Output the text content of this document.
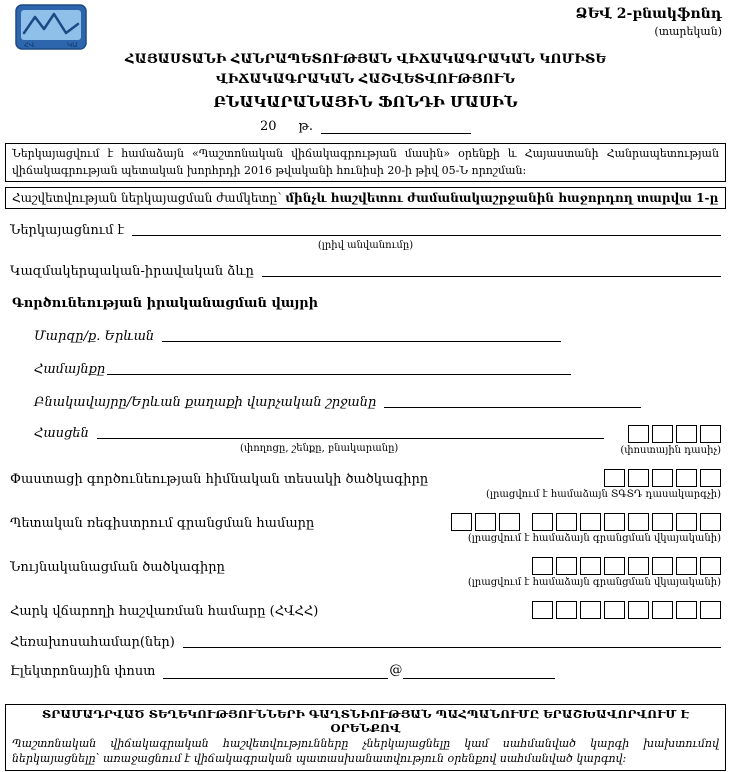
ՀՎ	ԿԱ
ՁԵՎ 2-բնակֆոնդ
(տարեկան)
ՀԱՅԱՍՏԱՆԻ ՀԱՆՐԱՊԵՏՈՒԹՅԱՆ ՎԻՃԱԿԱԳՐԱԿԱՆ ԿՈՄԻՏԵ
ՎԻՃԱԿԱԳՐԱԿԱՆ ՀԱՇՎԵՏՎՈՒԹՅՈՒՆ
ԲՆԱԿԱՐԱՆԱՅԻՆ ՖՈՆԴԻ ՄԱՍԻՆ
20 թ.
Ներկայացվում է համաձայն «Պաշտոնական վիճակագրության մասին» օրենքի և Հայաստանի Հանրապետության վիճակագրության պետական խորհրդի 2016 թվականի հունիսի 20-ի թիվ 05-Ն որոշման:
Հաշվետվության ներկայացման ժամկետը՝ մինչև հաշվետու ժամանակաշրջանին հաջորդող տարվա 1-ը
Ներկայացնում է
(լրիվ անվանումը)
Կազմակերպական-իրավական ձևը
Գործունեության իրականացման վայրի
Մարզը/ք. Երևան
Համայնքը
Բնակավայրը/Երևան քաղաքի վարչական շրջանը
Հասցեն
(փողոցը, շենքը, բնակարանը)	(փոստային դասիչ)
Փաստացի գործունեության հիմնական տեսակի ծածկագիրը
(լրացվում է համաձայն ՏԳՏԴ դասակարգչի)
Պետական ռեգիստրում գրանցման համարը
(լրացվում է համաձայն գրանցման վկայականի)
Նույնականացման ծածկագիրը
(լրացվում է համաձայն գրանցման վկայականի)
Հարկ վճարողի հաշվառման համարը (ՀՎՀՀ)
Հեռախոսահամար(ներ)
Էլեկտրոնային փոստ	@
ՏՐԱՄԱԴՐՎԱԾ ՏԵՂԵԿՈՒԹՅՈՒՆՆԵՐԻ ԳԱՂՏՆԻՈՒԹՅԱՆ ՊԱՀՊԱՆՈՒՄԸ ԵՐԱՇԽԱՎՈՐՎՈՒՄ Է ՕՐԵՆՔՈՎ
Պաշտոնական վիճակագրական հաշվետվությունները չներկայացնելը կամ սահմանված կարգի խախտումով ներկայացնելը՝ առաջացնում է վիճակագրական պատասխանատվություն օրենքով սահմանված կարգով:
